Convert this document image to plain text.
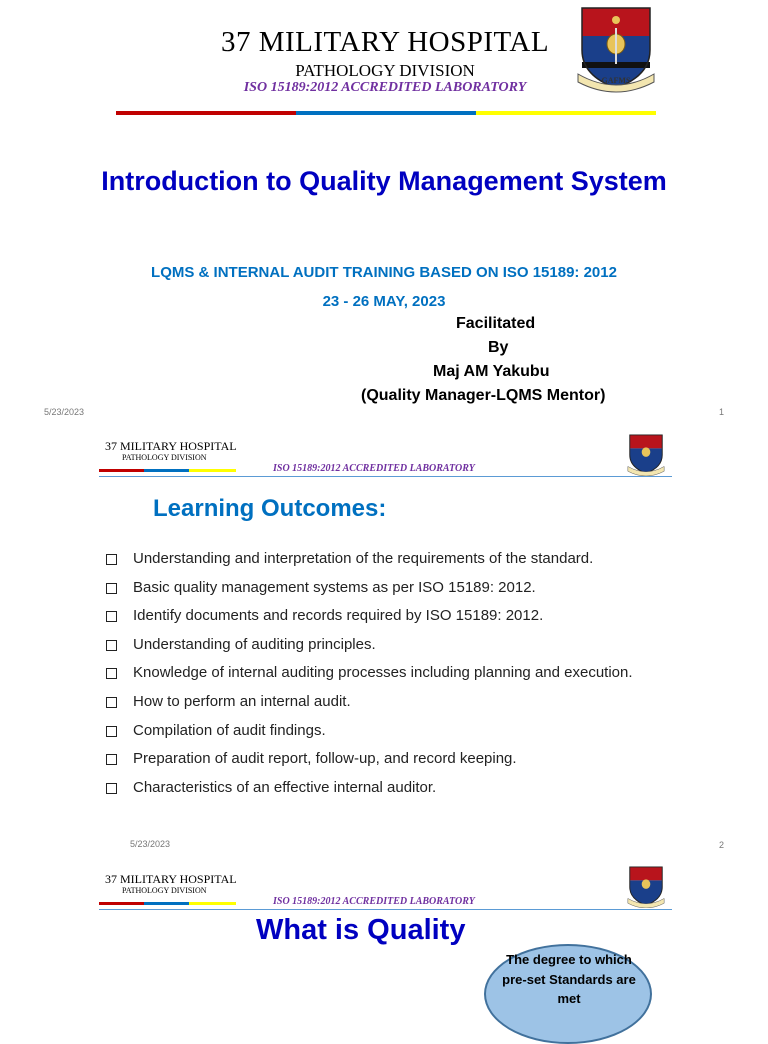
37 MILITARY HOSPITAL
PATHOLOGY DIVISION
ISO 15189:2012 ACCREDITED LABORATORY	GAFMS
Introduction to Quality Management System
LQMS & INTERNAL AUDIT TRAINING BASED ON ISO 15189: 2012
23 - 26 MAY, 2023
Facilitated
By
Maj AM Yakubu
(Quality Manager-LQMS Mentor)
5/23/2023	1
37 MILITARY HOSPITAL
PATHOLOGY DIVISION
ISO 15189:2012 ACCREDITED LABORATORY
Learning Outcomes:
Understanding and interpretation of the requirements of the standard.
Basic quality management systems as per ISO 15189: 2012.
Identify documents and records required by ISO 15189: 2012.
Understanding of auditing principles.
Knowledge of internal auditing processes including planning and execution.
How to perform an internal audit.
Compilation of audit findings.
Preparation of audit report, follow-up, and record keeping.
Characteristics of an effective internal auditor.
5/23/2023	2
37 MILITARY HOSPITAL
PATHOLOGY DIVISION
ISO 15189:2012 ACCREDITED LABORATORY
What is Quality
The degree to which pre-set Standards are met
